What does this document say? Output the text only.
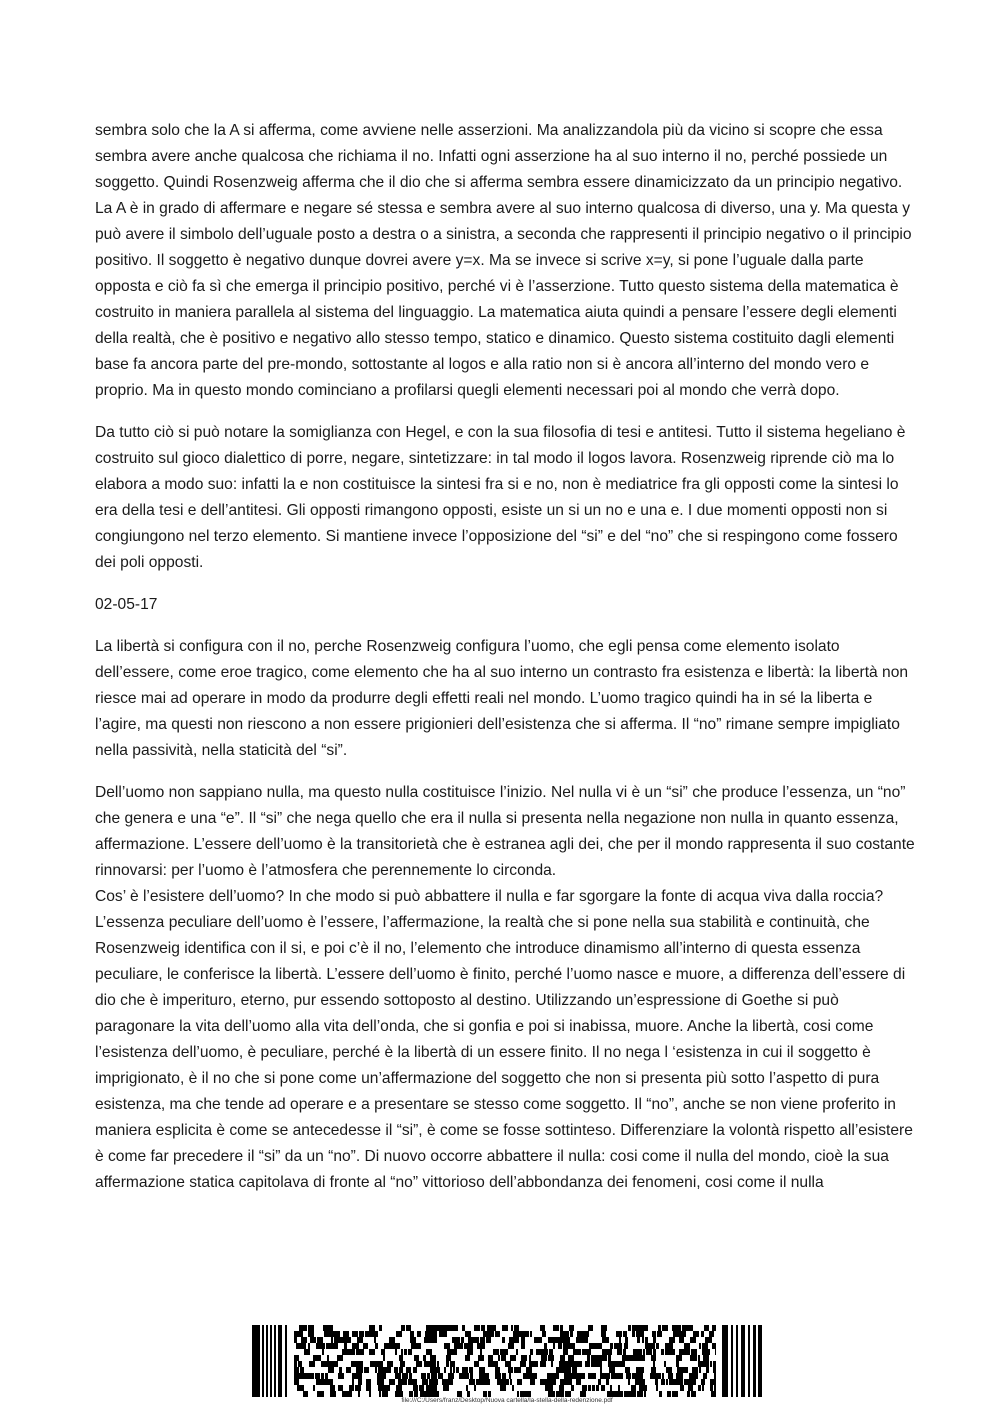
sembra solo che la A si afferma, come avviene nelle asserzioni. Ma analizzandola più da vicino si scopre che essa sembra avere anche qualcosa che richiama il no. Infatti ogni asserzione ha al suo interno il no, perché possiede un soggetto. Quindi Rosenzweig afferma che il dio che si afferma sembra essere dinamicizzato da un principio negativo. La A è in grado di affermare e negare sé stessa e sembra avere al suo interno qualcosa di diverso, una y. Ma questa y può avere il simbolo dell’uguale posto a destra o a sinistra, a seconda che rappresenti il principio negativo o il principio positivo. Il soggetto è negativo dunque dovrei avere y=x. Ma se invece si scrive x=y, si pone l’uguale dalla parte opposta e ciò fa sì che emerga il principio positivo, perché vi è l’asserzione. Tutto questo sistema della matematica è costruito in maniera parallela al sistema del linguaggio. La matematica aiuta quindi a pensare l’essere degli elementi della realtà, che è positivo e negativo allo stesso tempo, statico e dinamico. Questo sistema costituito dagli elementi base fa ancora parte del pre-mondo, sottostante al logos e alla ratio non si è ancora all’interno del mondo vero e proprio. Ma in questo mondo cominciano a profilarsi quegli elementi necessari poi al mondo che verrà dopo.

Da tutto ciò si può notare la somiglianza con Hegel, e con la sua filosofia di tesi e antitesi. Tutto il sistema hegeliano è costruito sul gioco dialettico di porre, negare, sintetizzare: in tal modo il logos lavora. Rosenzweig riprende ciò ma lo elabora a modo suo: infatti la e non costituisce la sintesi fra si e no, non è mediatrice fra gli opposti come la sintesi lo era della tesi e dell’antitesi. Gli opposti rimangono opposti, esiste un si un no e una e. I due momenti opposti non si congiungono nel terzo elemento. Si mantiene invece l’opposizione del “si” e del “no” che si respingono come fossero dei poli opposti.

02-05-17

La libertà si configura con il no, perche Rosenzweig configura l’uomo, che egli pensa come elemento isolato dell’essere, come eroe tragico, come elemento che ha al suo interno un contrasto fra esistenza e libertà: la libertà non riesce mai ad operare in modo da produrre degli effetti reali nel mondo. L’uomo tragico quindi ha in sé la liberta e l’agire, ma questi non riescono a non essere prigionieri dell’esistenza che si afferma. Il “no” rimane sempre impigliato nella passività, nella staticità del “si”.

Dell’uomo non sappiano nulla, ma questo nulla costituisce l’inizio. Nel nulla vi è un “si” che produce l’essenza, un “no” che genera e una “e”. Il “si” che nega quello che era il nulla si presenta nella negazione non nulla in quanto essenza, affermazione. L’essere dell’uomo è la transitorietà che è estranea agli dei, che per il mondo rappresenta il suo costante rinnovarsi: per l’uomo è l’atmosfera che perennemente lo circonda.

Cos’ è l’esistere dell’uomo? In che modo si può abbattere il nulla e far sgorgare la fonte di acqua viva dalla roccia? L’essenza peculiare dell’uomo è l’essere, l’affermazione, la realtà che si pone nella sua stabilità e continuità, che Rosenzweig identifica con il si, e poi c’è il no, l’elemento che introduce dinamismo all’interno di questa essenza peculiare, le conferisce la libertà. L’essere dell’uomo è finito, perché l’uomo nasce e muore, a differenza dell’essere di dio che è imperituro, eterno, pur essendo sottoposto al destino. Utilizzando un’espressione di Goethe si può paragonare la vita dell’uomo alla vita dell’onda, che si gonfia e poi si inabissa, muore. Anche la libertà, cosi come l’esistenza dell’uomo, è peculiare, perché è la libertà di un essere finito. Il no nega l ‘esistenza in cui il soggetto è imprigionato, è il no che si pone come un’affermazione del soggetto che non si presenta più sotto l’aspetto di pura esistenza, ma che tende ad operare e a presentare se stesso come soggetto. Il “no”, anche se non viene proferito in maniera esplicita è come se antecedesse il “si”, è come se fosse sottinteso. Differenziare la volontà rispetto all’esistere è come far precedere il “si” da un “no”. Di nuovo occorre abbattere il nulla: cosi come il nulla del mondo, cioè la sua affermazione statica capitolava di fronte al “no” vittorioso dell’abbondanza dei fenomeni, cosi come il nulla

file:///C:/Users/franz/Desktop/Nuova cartella/la-stella-della-redenzione.pdf
